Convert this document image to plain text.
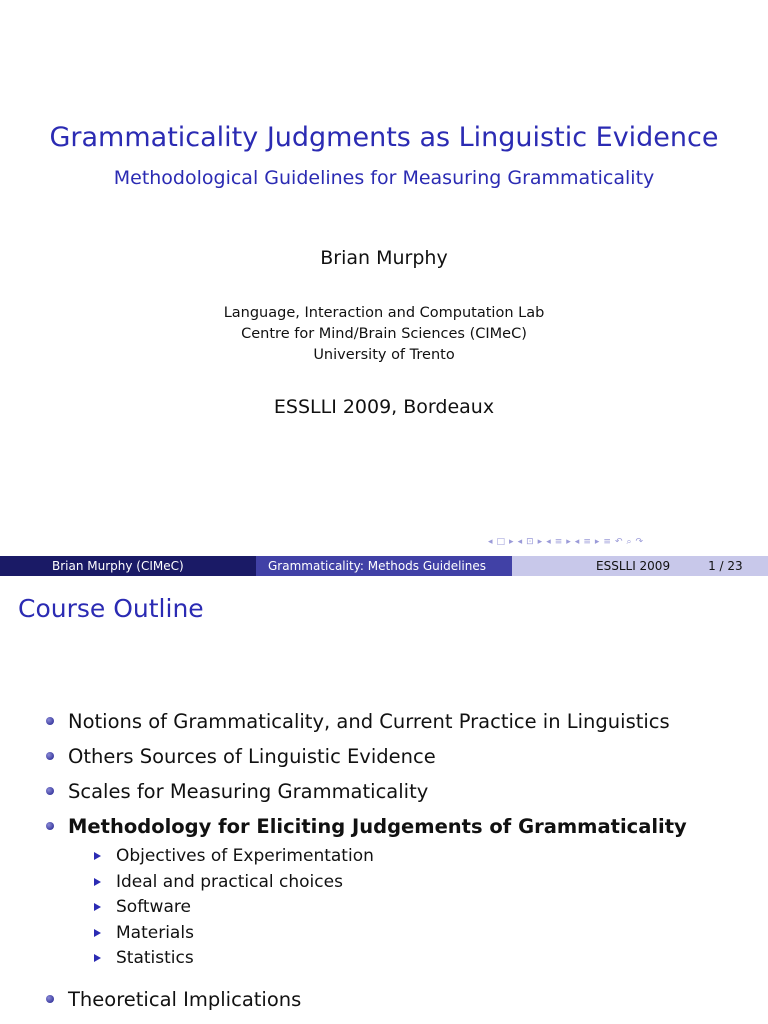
Grammaticality Judgments as Linguistic Evidence
Methodological Guidelines for Measuring Grammaticality
Brian Murphy
Language, Interaction and Computation Lab
Centre for Mind/Brain Sciences (CIMeC)
University of Trento
ESSLLI 2009, Bordeaux
◂ □ ▸ ◂ ⊡ ▸ ◂ ≡ ▸ ◂ ≡ ▸ ≡ ↶ ⌕ ↷
Brian Murphy (CIMeC)	Grammaticality: Methods Guidelines	ESSLLI 2009	1 / 23
Course Outline
Notions of Grammaticality, and Current Practice in Linguistics
Others Sources of Linguistic Evidence
Scales for Measuring Grammaticality
Methodology for Eliciting Judgements of Grammaticality
Objectives of Experimentation
Ideal and practical choices
Software
Materials
Statistics
Theoretical Implications
